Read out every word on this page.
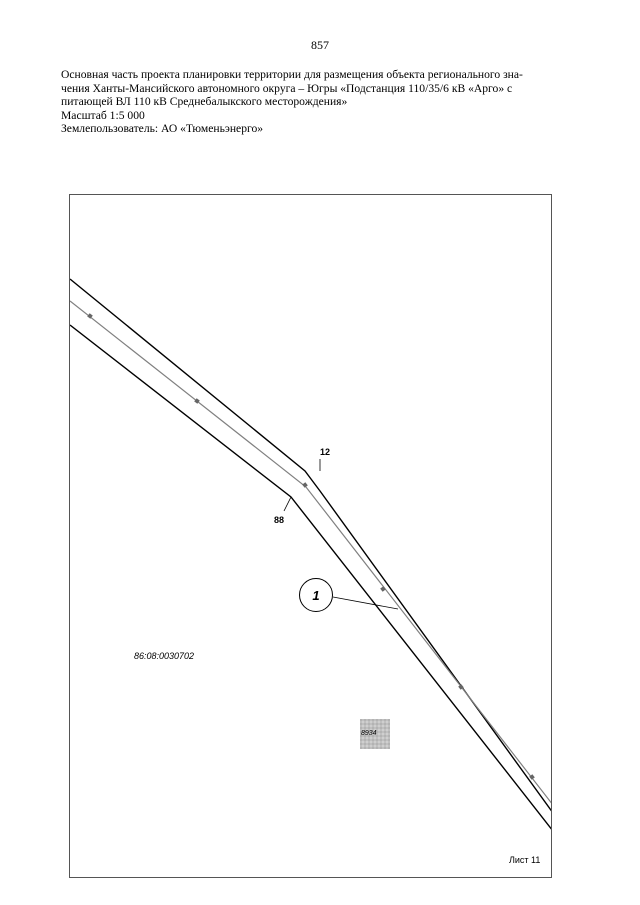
857

Основная часть проекта планировки территории для размещения объекта регионального зна-

чения Ханты-Мансийского автономного округа – Югры «Подстанция 110/35/6 кВ «Арго» с

питающей ВЛ 110 кВ Среднебалыкского месторождения»

Масштаб 1:5 000

Землепользователь: АО «Тюменьэнерго»

12
88
1
86:08:0030702
8934
Лист 11
